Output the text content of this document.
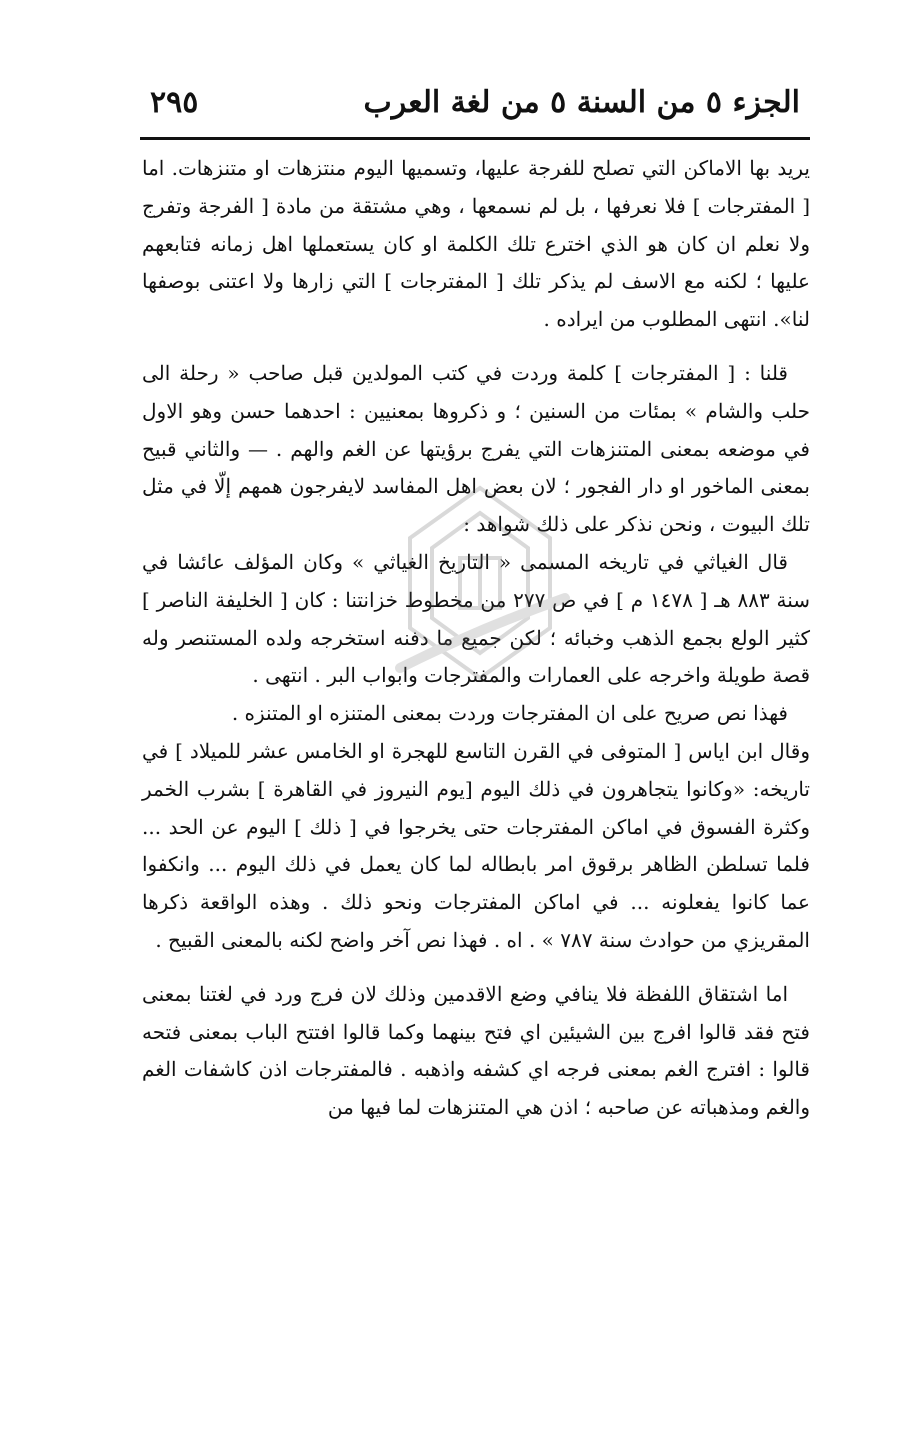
الجزء ٥ من السنة ٥ من لغة العرب
٢٩٥

يريد بها الاماكن التي تصلح للفرجة عليها، وتسميها اليوم منتزهات او متنزهات. اما [ المفترجات ] فلا نعرفها ، بل لم نسمعها ، وهي مشتقة من مادة [ الفرجة وتفرج ولا نعلم ان كان هو الذي اخترع تلك الكلمة او كان يستعملها اهل زمانه فتابعهم عليها ؛ لكنه مع الاسف لم يذكر تلك [ المفترجات ] التي زارها ولا اعتنى بوصفها لنا». انتهى المطلوب من ايراده .

قلنا : [ المفترجات ] كلمة وردت في كتب المولدين قبل صاحب « رحلة الى حلب والشام » بمئات من السنين ؛ و ذكروها بمعنيين : احدهما حسن وهو الاول في موضعه بمعنى المتنزهات التي يفرج برؤيتها عن الغم والهم . — والثاني قبيح بمعنى الماخور او دار الفجور ؛ لان بعض اهل المفاسد لايفرجون همهم إلّا في مثل تلك البيوت ، ونحن نذكر على ذلك شواهد :

قال الغياثي في تاريخه المسمى « التاريخ الغياثي » وكان المؤلف عائشا في سنة ٨٨٣ هـ [ ١٤٧٨ م ] في ص ٢٧٧ من مخطوط خزانتنا : كان [ الخليفة الناصر ] كثير الولع بجمع الذهب وخبائه ؛ لكن جميع ما دفنه استخرجه ولده المستنصر وله قصة طويلة واخرجه على العمارات والمفترجات وابواب البر . انتهى .

فهذا نص صريح على ان المفترجات وردت بمعنى المتنزه او المتنزه .

وقال ابن اياس [ المتوفى في القرن التاسع للهجرة او الخامس عشر للميلاد ] في تاريخه: «وكانوا يتجاهرون في ذلك اليوم [يوم النيروز في القاهرة ] بشرب الخمر وكثرة الفسوق في اماكن المفترجات حتى يخرجوا في [ ذلك ] اليوم عن الحد ... فلما تسلطن الظاهر برقوق امر بابطاله لما كان يعمل في ذلك اليوم ... وانكفوا عما كانوا يفعلونه ... في اماكن المفترجات ونحو ذلك . وهذه الواقعة ذكرها المقريزي من حوادث سنة ٧٨٧ » . اه . فهذا نص آخر واضح لكنه بالمعنى القبيح .

اما اشتقاق اللفظة فلا ينافي وضع الاقدمين وذلك لان فرج ورد في لغتنا بمعنى فتح فقد قالوا افرج بين الشيئين اي فتح بينهما وكما قالوا افتتح الباب بمعنى فتحه قالوا : افترج الغم بمعنى فرجه اي كشفه واذهبه . فالمفترجات اذن كاشفات الغم والغم ومذهباته عن صاحبه ؛ اذن هي المتنزهات لما فيها من
